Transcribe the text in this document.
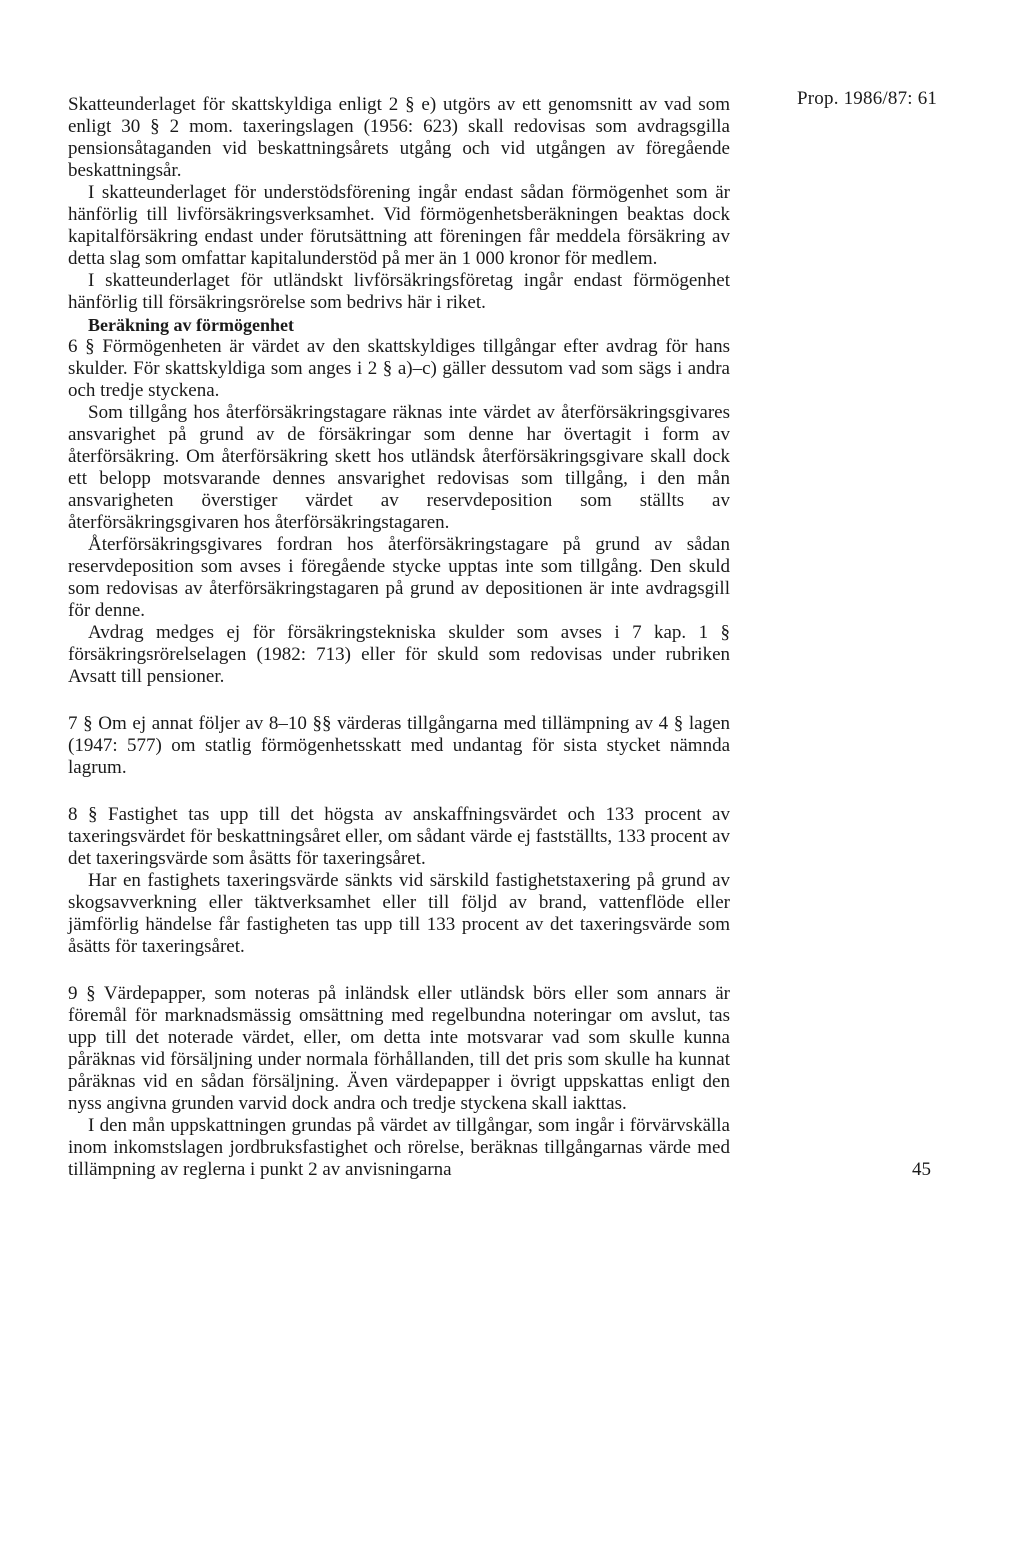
Prop. 1986/87: 61

Skatteunderlaget för skattskyldiga enligt 2 § e) utgörs av ett genomsnitt av vad som enligt 30 § 2 mom. taxeringslagen (1956: 623) skall redovisas som avdragsgilla pensionsåtaganden vid beskattningsårets utgång och vid utgången av föregående beskattningsår.

I skatteunderlaget för understödsförening ingår endast sådan förmögenhet som är hänförlig till livförsäkringsverksamhet. Vid förmögenhetsberäkningen beaktas dock kapitalförsäkring endast under förutsättning att föreningen får meddela försäkring av detta slag som omfattar kapitalunderstöd på mer än 1 000 kronor för medlem.

I skatteunderlaget för utländskt livförsäkringsföretag ingår endast förmögenhet hänförlig till försäkringsrörelse som bedrivs här i riket.

Beräkning av förmögenhet

6 § Förmögenheten är värdet av den skattskyldiges tillgångar efter avdrag för hans skulder. För skattskyldiga som anges i 2 § a)–c) gäller dessutom vad som sägs i andra och tredje styckena.

Som tillgång hos återförsäkringstagare räknas inte värdet av återförsäkringsgivares ansvarighet på grund av de försäkringar som denne har övertagit i form av återförsäkring. Om återförsäkring skett hos utländsk återförsäkringsgivare skall dock ett belopp motsvarande dennes ansvarighet redovisas som tillgång, i den mån ansvarigheten överstiger värdet av reservdeposition som ställts av återförsäkringsgivaren hos återförsäkringstagaren.

Återförsäkringsgivares fordran hos återförsäkringstagare på grund av sådan reservdeposition som avses i föregående stycke upptas inte som tillgång. Den skuld som redovisas av återförsäkringstagaren på grund av depositionen är inte avdragsgill för denne.

Avdrag medges ej för försäkringstekniska skulder som avses i 7 kap. 1 § försäkringsrörelselagen (1982: 713) eller för skuld som redovisas under rubriken Avsatt till pensioner.

7 § Om ej annat följer av 8–10 §§ värderas tillgångarna med tillämpning av 4 § lagen (1947: 577) om statlig förmögenhetsskatt med undantag för sista stycket nämnda lagrum.

8 § Fastighet tas upp till det högsta av anskaffningsvärdet och 133 procent av taxeringsvärdet för beskattningsåret eller, om sådant värde ej fastställts, 133 procent av det taxeringsvärde som åsätts för taxeringsåret.

Har en fastighets taxeringsvärde sänkts vid särskild fastighetstaxering på grund av skogsavverkning eller täktverksamhet eller till följd av brand, vattenflöde eller jämförlig händelse får fastigheten tas upp till 133 procent av det taxeringsvärde som åsätts för taxeringsåret.

9 § Värdepapper, som noteras på inländsk eller utländsk börs eller som annars är föremål för marknadsmässig omsättning med regelbundna noteringar om avslut, tas upp till det noterade värdet, eller, om detta inte motsvarar vad som skulle kunna påräknas vid försäljning under normala förhållanden, till det pris som skulle ha kunnat påräknas vid en sådan försäljning. Även värdepapper i övrigt uppskattas enligt den nyss angivna grunden varvid dock andra och tredje styckena skall iakttas.

I den mån uppskattningen grundas på värdet av tillgångar, som ingår i förvärvskälla inom inkomstslagen jordbruksfastighet och rörelse, beräknas tillgångarnas värde med tillämpning av reglerna i punkt 2 av anvisningarna	45
